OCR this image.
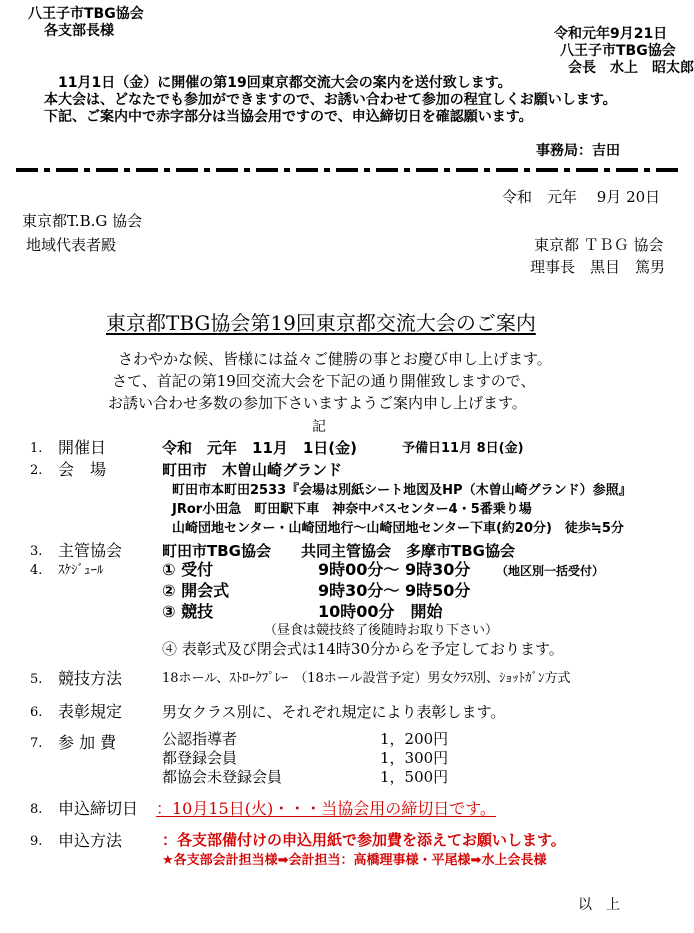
八王子市TBG協会
各支部長様	令和元年9月21日
八王子市TBG協会
会長　水上　昭太郎
11月1日（金）に開催の第19回東京都交流大会の案内を送付致します。
本大会は、どなたでも参加ができますので、お誘い合わせて参加の程宜しくお願いします。
下記、ご案内中で赤字部分は当協会用ですので、申込締切日を確認願います。
事務局：吉田
令和　元年　 9月 20日
東京都T.B.G 協会
地域代表者殿	東京都 ＴＢＧ 協会
理事長　黒目　篤男
東京都TBG協会第19回東京都交流大会のご案内
さわやかな候、皆様には益々ご健勝の事とお慶び申し上げます。
さて、首記の第19回交流大会を下記の通り開催致しますので、
お誘い合わせ多数の参加下さいますようご案内申し上げます。
記
1. 開催日	令和　元年　11月　1日(金)	予備日11月 8日(金)
2. 会　場	町田市　木曽山崎グランド
町田市本町田2533『会場は別紙シート地図及HP（木曽山崎グランド）参照』
JRor小田急　町田駅下車　神奈中バスセンター4・5番乗り場
山崎団地センター・山崎団地行～山崎団地センター下車(約20分)　徒歩≒5分
3. 主管協会	町田市TBG協会　　共同主管協会　多摩市TBG協会
4. ｽｹｼﾞｭｰﾙ	① 受付	9時00分～ 9時30分 （地区別一括受付）
② 開会式	9時30分～ 9時50分
③ 競技	10時00分　開始
（昼食は競技終了後随時お取り下さい）
④ 表彰式及び閉会式は14時30分からを予定しております。
5. 競技方法	18ホール、ｽﾄﾛｰｸﾌﾟﾚｰ　（18ホール設営予定）男女ｸﾗｽ別、ｼｮｯﾄｶﾞﾝ方式
6. 表彰規定	男女クラス別に、それぞれ規定により表彰します。
7. 参 加 費	公認指導者	1，200円
都登録会員	1，300円
都協会未登録会員	1，500円
8. 申込締切日 ：10月15日(火)・・・当協会用の締切日です。
9. 申込方法	：各支部備付けの申込用紙で参加費を添えてお願いします。
★各支部会計担当様➡会計担当：高橋理事様・平尾様➡水上会長様
以　上
